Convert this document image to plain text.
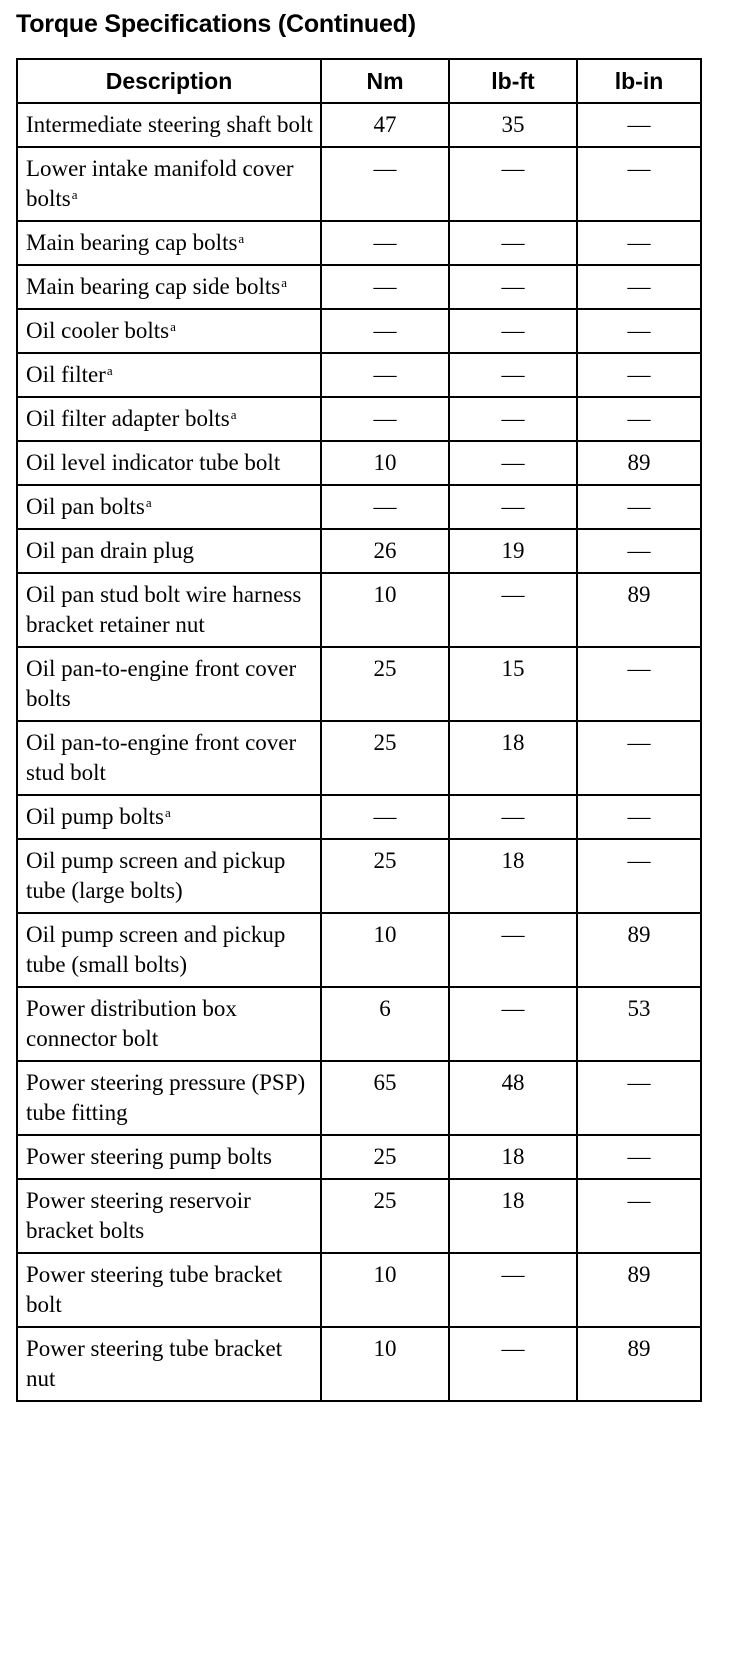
Torque Specifications (Continued)
Description	Nm	lb-ft	lb-in
Intermediate steering shaft bolt	47	35	—
Lower intake manifold cover bolts$^a$	—	—	—
Main bearing cap bolts$^a$	—	—	—
Main bearing cap side bolts$^a$	—	—	—
Oil cooler bolts$^a$	—	—	—
Oil filter$^a$	—	—	—
Oil filter adapter bolts$^a$	—	—	—
Oil level indicator tube bolt	10	—	89
Oil pan bolts$^a$	—	—	—
Oil pan drain plug	26	19	—
Oil pan stud bolt wire harness bracket retainer nut	10	—	89
Oil pan-to-engine front cover bolts	25	15	—
Oil pan-to-engine front cover stud bolt	25	18	—
Oil pump bolts$^a$	—	—	—
Oil pump screen and pickup tube (large bolts)	25	18	—
Oil pump screen and pickup tube (small bolts)	10	—	89
Power distribution box connector bolt	6	—	53
Power steering pressure (PSP) tube fitting	65	48	—
Power steering pump bolts	25	18	—
Power steering reservoir bracket bolts	25	18	—
Power steering tube bracket bolt	10	—	89
Power steering tube bracket nut	10	—	89
